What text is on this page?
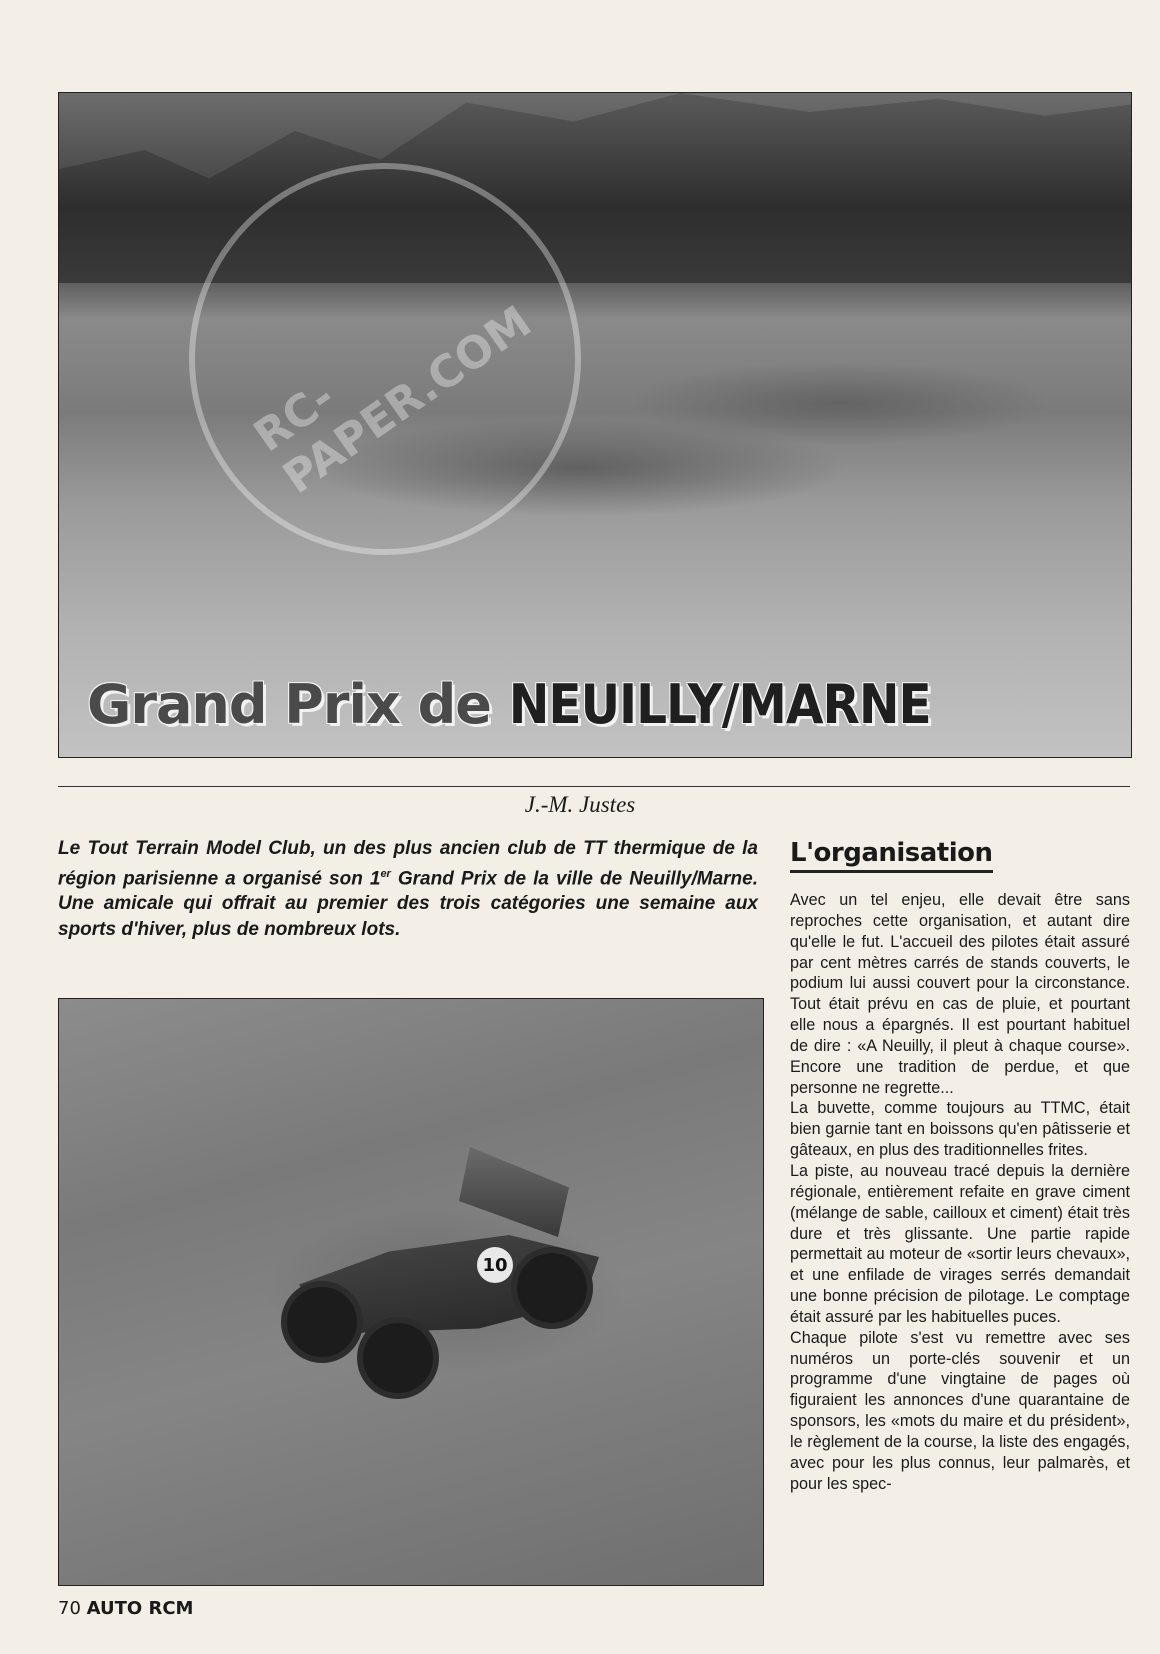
RC-PAPER.COM
Grand Prix de NEUILLY/MARNE
J.-M. Justes
Le Tout Terrain Model Club, un des plus ancien club de TT thermique de la région parisienne a organisé son 1er Grand Prix de la ville de Neuilly/Marne. Une amicale qui offrait au premier des trois catégories une semaine aux sports d'hiver, plus de nombreux lots.
10
L'organisation

Avec un tel enjeu, elle devait être sans reproches cette organisation, et autant dire qu'elle le fut. L'accueil des pilotes était assuré par cent mètres carrés de stands couverts, le podium lui aussi couvert pour la circonstance. Tout était prévu en cas de pluie, et pourtant elle nous a épargnés. Il est pourtant habituel de dire : «A Neuilly, il pleut à chaque course». Encore une tradition de perdue, et que personne ne regrette...

La buvette, comme toujours au TTMC, était bien garnie tant en boissons qu'en pâtisserie et gâteaux, en plus des traditionnelles frites.

La piste, au nouveau tracé depuis la dernière régionale, entièrement refaite en grave ciment (mélange de sable, cailloux et ciment) était très dure et très glissante. Une partie rapide permettait au moteur de «sortir leurs chevaux», et une enfilade de virages serrés demandait une bonne précision de pilotage. Le comptage était assuré par les habituelles puces.

Chaque pilote s'est vu remettre avec ses numéros un porte-clés souvenir et un programme d'une vingtaine de pages où figuraient les annonces d'une quarantaine de sponsors, les «mots du maire et du président», le règlement de la course, la liste des engagés, avec pour les plus connus, leur palmarès, et pour les spec-

70 AUTO RCM
